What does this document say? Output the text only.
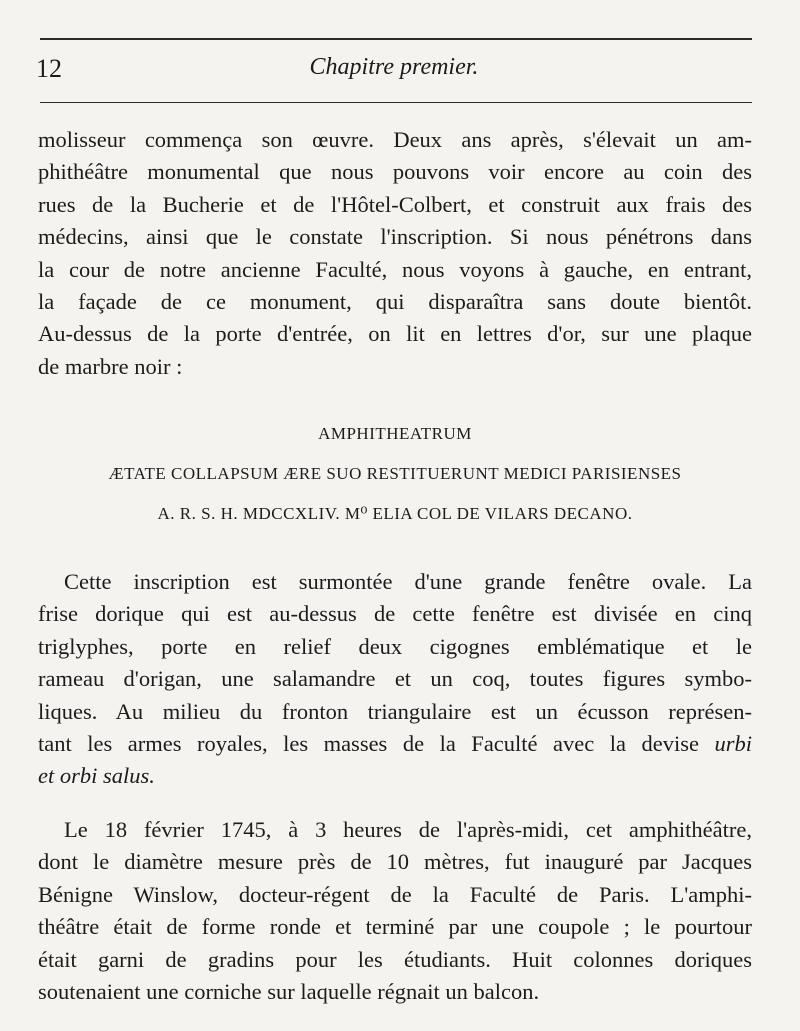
12	Chapitre premier.
molisseur commença son œuvre. Deux ans après, s'élevait un am-
phithéâtre monumental que nous pouvons voir encore au coin des
rues de la Bucherie et de l'Hôtel-Colbert, et construit aux frais des
médecins, ainsi que le constate l'inscription. Si nous pénétrons dans
la cour de notre ancienne Faculté, nous voyons à gauche, en entrant,
la façade de ce monument, qui disparaîtra sans doute bientôt.
Au-dessus de la porte d'entrée, on lit en lettres d'or, sur une plaque
de marbre noir :
AMPHITHEATRUM
ÆTATE COLLAPSUM ÆRE SUO RESTITUERUNT MEDICI PARISIENSES
A. R. S. H. MDCCXLIV. M⁰ ELIA COL DE VILARS DECANO.
Cette inscription est surmontée d'une grande fenêtre ovale. La
frise dorique qui est au-dessus de cette fenêtre est divisée en cinq
triglyphes, porte en relief deux cigognes emblématique et le
rameau d'origan, une salamandre et un coq, toutes figures symbo-
liques. Au milieu du fronton triangulaire est un écusson représen-
tant les armes royales, les masses de la Faculté avec la devise urbi
et orbi salus.
Le 18 février 1745, à 3 heures de l'après-midi, cet amphithéâtre,
dont le diamètre mesure près de 10 mètres, fut inauguré par Jacques
Bénigne Winslow, docteur-régent de la Faculté de Paris. L'amphi-
théâtre était de forme ronde et terminé par une coupole ; le pourtour
était garni de gradins pour les étudiants. Huit colonnes doriques
soutenaient une corniche sur laquelle régnait un balcon.
